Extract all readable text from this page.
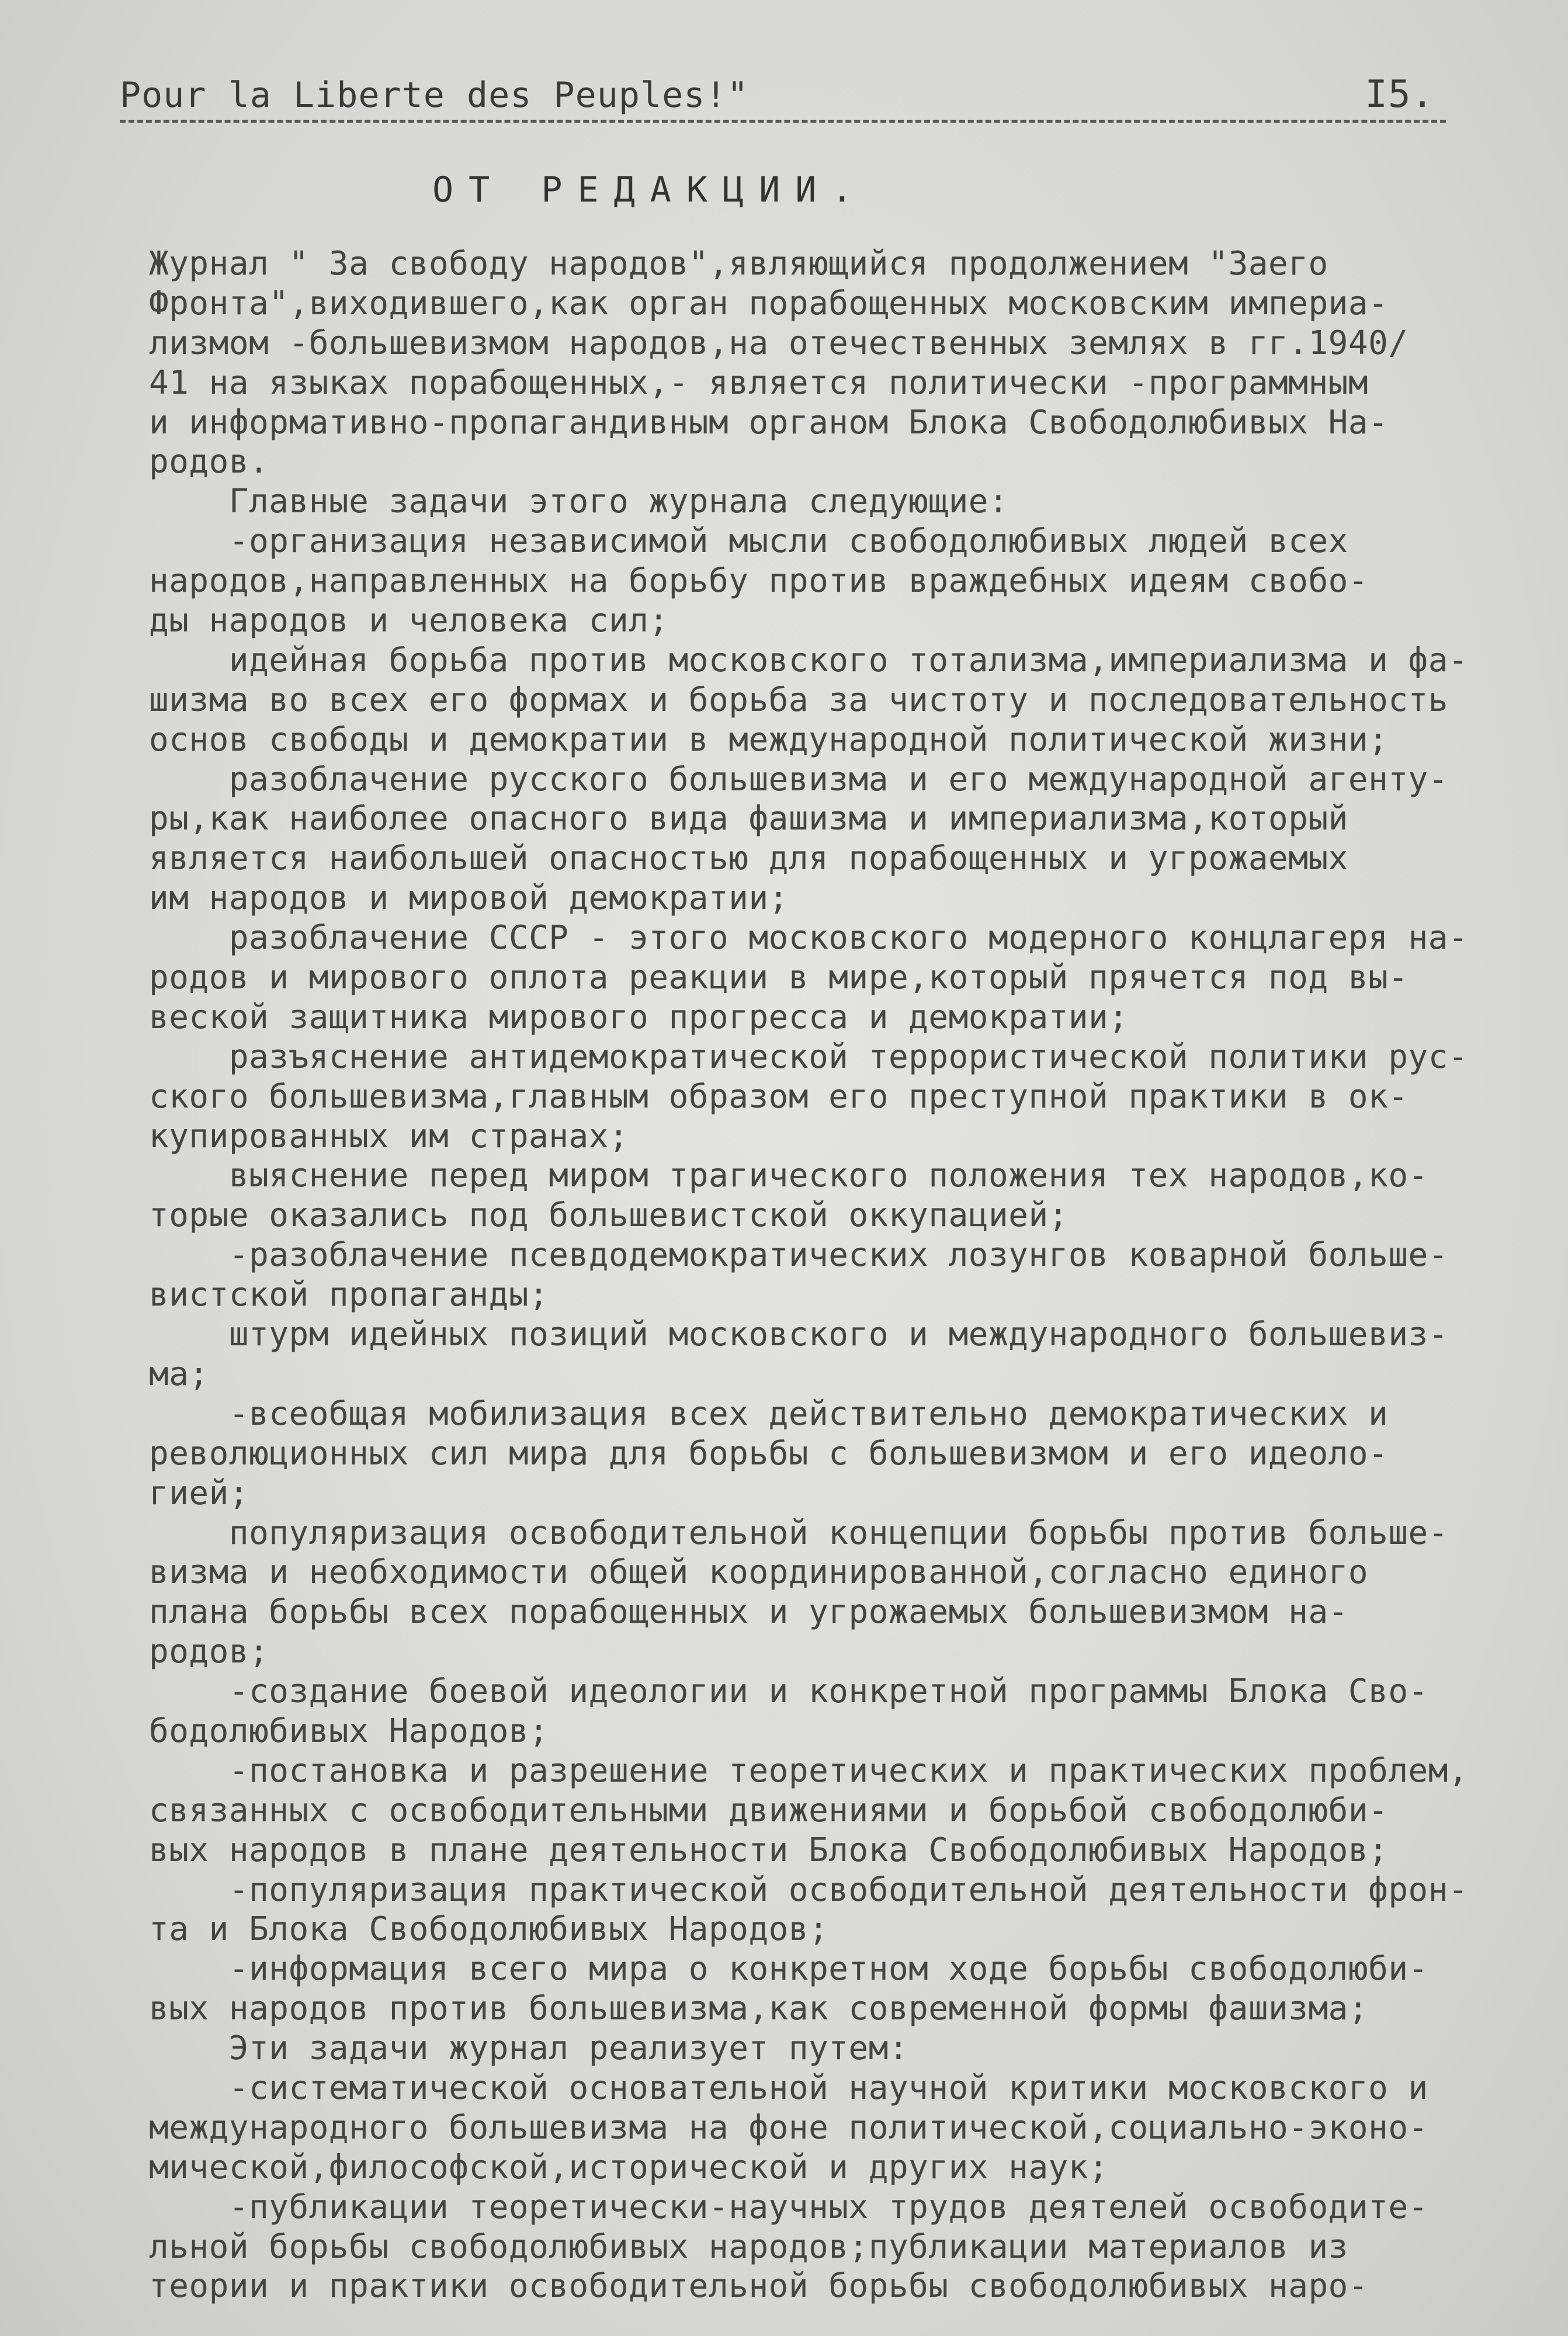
Pour la Liberte des Peuples!"	I5.
ОТ РЕДАКЦИИ.
Журнал " За свободу народов",являющийся продолжением "Заего
Фронта",виходившего,как орган порабощенных московским империа-
лизмом -большевизмом народов,на отечественных землях в гг.1940/
41 на языках порабощенных,- является политически -программным
и информативно-пропагандивным органом Блока Свободолюбивых На-
родов.
Главные задачи этого журнала следующие:
-организация независимой мысли свободолюбивых людей всех
народов,направленных на борьбу против враждебных идеям свобо-
ды народов и человека сил;
идейная борьба против московского тотализма,империализма и фа-
шизма во всех его формах и борьба за чистоту и последовательность
основ свободы и демократии в международной политической жизни;
разоблачение русского большевизма и его международной агенту-
ры,как наиболее опасного вида фашизма и империализма,который
является наибольшей опасностью для порабощенных и угрожаемых
им народов и мировой демократии;
разоблачение СССР - этого московского модерного концлагеря на-
родов и мирового оплота реакции в мире,который прячется под вы-
веской защитника мирового прогресса и демократии;
разъяснение антидемократической террористической политики рус-
ского большевизма,главным образом его преступной практики в ок-
купированных им странах;
выяснение перед миром трагического положения тех народов,ко-
торые оказались под большевистской оккупацией;
-разоблачение псевдодемократических лозунгов коварной больше-
вистской пропаганды;
штурм идейных позиций московского и международного большевиз-
ма;
-всеобщая мобилизация всех действительно демократических и
революционных сил мира для борьбы с большевизмом и его идеоло-
гией;
популяризация освободительной концепции борьбы против больше-
визма и необходимости общей координированной,согласно единого
плана борьбы всех порабощенных и угрожаемых большевизмом на-
родов;
-создание боевой идеологии и конкретной программы Блока Сво-
бодолюбивых Народов;
-постановка и разрешение теоретических и практических проблем,
связанных с освободительными движениями и борьбой свободолюби-
вых народов в плане деятельности Блока Свободолюбивых Народов;
-популяризация практической освободительной деятельности фрон-
та и Блока Свободолюбивых Народов;
-информация всего мира о конкретном ходе борьбы свободолюби-
вых народов против большевизма,как современной формы фашизма;
Эти задачи журнал реализует путем:
-систематической основательной научной критики московского и
международного большевизма на фоне политической,социально-эконо-
мической,философской,исторической и других наук;
-публикации теоретически-научных трудов деятелей освободите-
льной борьбы свободолюбивых народов;публикации материалов из
теории и практики освободительной борьбы свободолюбивых наро-
